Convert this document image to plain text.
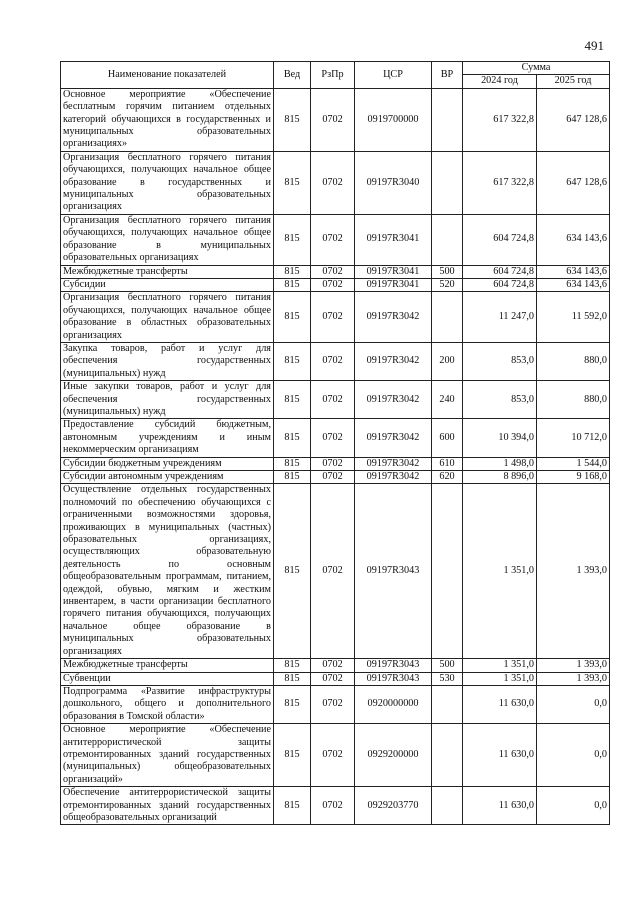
491
Наименование показателей	Вед	РзПр	ЦСР	ВР	Сумма	
					2024 год	2025 год
Основное мероприятие «Обеспечение бесплатным горячим питанием отдельных категорий обучающихся в государственных и муниципальных образовательных организациях»	815	0702	0919700000		617 322,8	647 128,6
Организация бесплатного горячего питания обучающихся, получающих начальное общее образование в государственных и муниципальных образовательных организациях	815	0702	09197R3040		617 322,8	647 128,6
Организация бесплатного горячего питания обучающихся, получающих начальное общее образование в муниципальных образовательных организациях	815	0702	09197R3041		604 724,8	634 143,6
Межбюджетные трансферты	815	0702	09197R3041	500	604 724,8	634 143,6
Субсидии	815	0702	09197R3041	520	604 724,8	634 143,6
Организация бесплатного горячего питания обучающихся, получающих начальное общее образование в областных образовательных организациях	815	0702	09197R3042		11 247,0	11 592,0
Закупка товаров, работ и услуг для обеспечения государственных (муниципальных) нужд	815	0702	09197R3042	200	853,0	880,0
Иные закупки товаров, работ и услуг для обеспечения государственных (муниципальных) нужд	815	0702	09197R3042	240	853,0	880,0
Предоставление субсидий бюджетным, автономным учреждениям и иным некоммерческим организациям	815	0702	09197R3042	600	10 394,0	10 712,0
Субсидии бюджетным учреждениям	815	0702	09197R3042	610	1 498,0	1 544,0
Субсидии автономным учреждениям	815	0702	09197R3042	620	8 896,0	9 168,0
Осуществление отдельных государственных полномочий по обеспечению обучающихся с ограниченными возможностями здоровья, проживающих в муниципальных (частных) образовательных организациях, осуществляющих образовательную деятельность по основным общеобразовательным программам, питанием, одеждой, обувью, мягким и жестким инвентарем, в части организации бесплатного горячего питания обучающихся, получающих начальное общее образование в муниципальных образовательных организациях	815	0702	09197R3043		1 351,0	1 393,0
Межбюджетные трансферты	815	0702	09197R3043	500	1 351,0	1 393,0
Субвенции	815	0702	09197R3043	530	1 351,0	1 393,0
Подпрограмма «Развитие инфраструктуры дошкольного, общего и дополнительного образования в Томской области»	815	0702	0920000000		11 630,0	0,0
Основное мероприятие «Обеспечение антитеррористической защиты отремонтированных зданий государственных (муниципальных) общеобразовательных организаций»	815	0702	0929200000		11 630,0	0,0
Обеспечение антитеррористической защиты отремонтированных зданий государственных общеобразовательных организаций	815	0702	0929203770		11 630,0	0,0
